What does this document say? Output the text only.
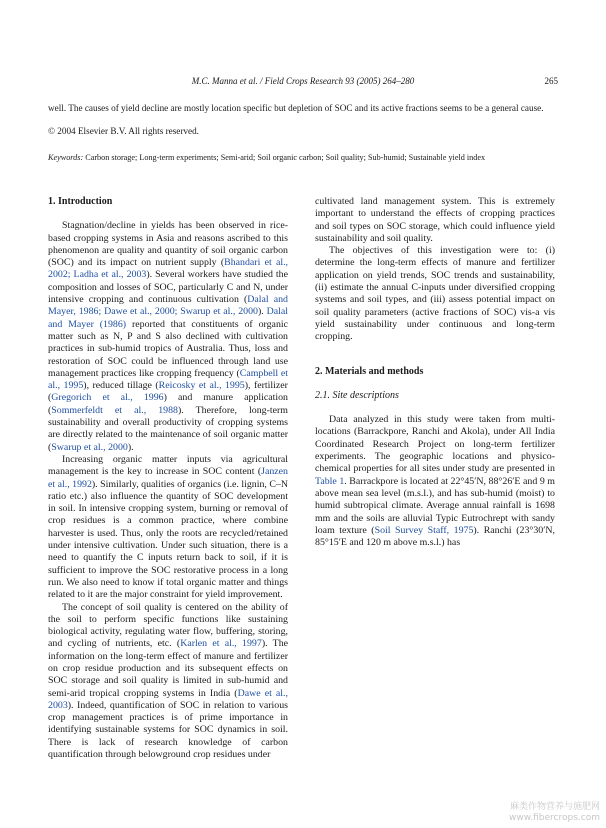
M.C. Manna et al. / Field Crops Research 93 (2005) 264–280	265
well. The causes of yield decline are mostly location specific but depletion of SOC and its active fractions seems to be a general cause.
© 2004 Elsevier B.V. All rights reserved.
Keywords: Carbon storage; Long-term experiments; Semi-arid; Soil organic carbon; Soil quality; Sub-humid; Sustainable yield index
1. Introduction

Stagnation/decline in yields has been observed in rice-based cropping systems in Asia and reasons ascribed to this phenomenon are quality and quantity of soil organic carbon (SOC) and its impact on nutrient supply (Bhandari et al., 2002; Ladha et al., 2003). Several workers have studied the composition and losses of SOC, particularly C and N, under intensive cropping and continuous cultivation (Dalal and Mayer, 1986; Dawe et al., 2000; Swarup et al., 2000). Dalal and Mayer (1986) reported that constituents of organic matter such as N, P and S also declined with cultivation practices in sub-humid tropics of Australia. Thus, loss and restoration of SOC could be influenced through land use management practices like cropping frequency (Campbell et al., 1995), reduced tillage (Reicosky et al., 1995), fertilizer (Gregorich et al., 1996) and manure application (Sommerfeldt et al., 1988). Therefore, long-term sustainability and overall productivity of cropping systems are directly related to the maintenance of soil organic matter (Swarup et al., 2000).

Increasing organic matter inputs via agricultural management is the key to increase in SOC content (Janzen et al., 1992). Similarly, qualities of organics (i.e. lignin, C–N ratio etc.) also influence the quantity of SOC development in soil. In intensive cropping system, burning or removal of crop residues is a common practice, where combine harvester is used. Thus, only the roots are recycled/retained under intensive cultivation. Under such situation, there is a need to quantify the C inputs return back to soil, if it is sufficient to improve the SOC restorative process in a long run. We also need to know if total organic matter and things related to it are the major constraint for yield improvement.

The concept of soil quality is centered on the ability of the soil to perform specific functions like sustaining biological activity, regulating water flow, buffering, storing, and cycling of nutrients, etc. (Karlen et al., 1997). The information on the long-term effect of manure and fertilizer on crop residue production and its subsequent effects on SOC storage and soil quality is limited in sub-humid and semi-arid tropical cropping systems in India (Dawe et al., 2003). Indeed, quantification of SOC in relation to various crop management practices is of prime importance in identifying sustainable systems for SOC dynamics in soil. There is lack of research knowledge of carbon quantification through belowground crop residues under

cultivated land management system. This is extremely important to understand the effects of cropping practices and soil types on SOC storage, which could influence yield sustainability and soil quality.

The objectives of this investigation were to: (i) determine the long-term effects of manure and fertilizer application on yield trends, SOC trends and sustainability, (ii) estimate the annual C-inputs under diversified cropping systems and soil types, and (iii) assess potential impact on soil quality parameters (active fractions of SOC) vis-a vis yield sustainability under continuous and long-term cropping.

2. Materials and methods
2.1. Site descriptions

Data analyzed in this study were taken from multi-locations (Barrackpore, Ranchi and Akola), under All India Coordinated Research Project on long-term fertilizer experiments. The geographic locations and physico-chemical properties for all sites under study are presented in Table 1. Barrackpore is located at 22°45′N, 88°26′E and 9 m above mean sea level (m.s.l.), and has sub-humid (moist) to humid subtropical climate. Average annual rainfall is 1698 mm and the soils are alluvial Typic Eutrochrept with sandy loam texture (Soil Survey Staff, 1975). Ranchi (23°30′N, 85°15′E and 120 m above m.s.l.) has

麻类作物营养与施肥网
www.fibercrops.com
